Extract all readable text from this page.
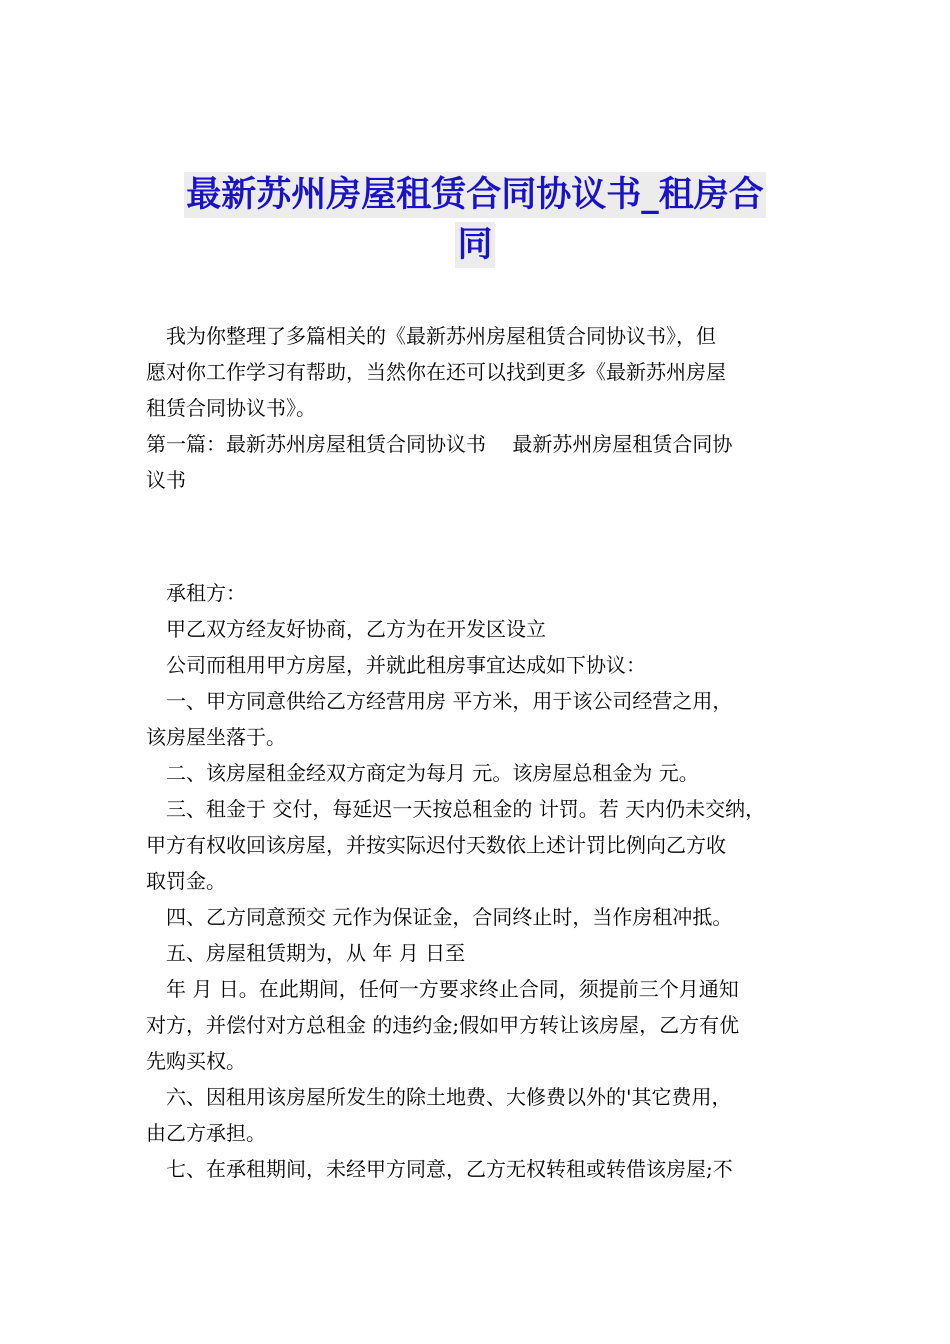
最新苏州房屋租赁合同协议书_租房合
同

我为你整理了多篇相关的《最新苏州房屋租赁合同协议书》，但
愿对你工作学习有帮助，当然你在还可以找到更多《最新苏州房屋
租赁合同协议书》。

第一篇：最新苏州房屋租赁合同协议书　 最新苏州房屋租赁合同协
议书

承租方：

甲乙双方经友好协商，乙方为在开发区设立

公司而租用甲方房屋，并就此租房事宜达成如下协议：

一、甲方同意供给乙方经营用房 平方米，用于该公司经营之用，
该房屋坐落于。

二、该房屋租金经双方商定为每月 元。该房屋总租金为 元。

三、租金于 交付，每延迟一天按总租金的 计罚。若 天内仍未交纳，
甲方有权收回该房屋，并按实际迟付天数依上述计罚比例向乙方收
取罚金。

四、乙方同意预交 元作为保证金，合同终止时，当作房租冲抵。

五、房屋租赁期为，从 年 月 日至

年 月 日。在此期间，任何一方要求终止合同，须提前三个月通知
对方，并偿付对方总租金 的违约金;假如甲方转让该房屋，乙方有优
先购买权。

六、因租用该房屋所发生的除土地费、大修费以外的'其它费用，
由乙方承担。

七、在承租期间，未经甲方同意，乙方无权转租或转借该房屋;不
